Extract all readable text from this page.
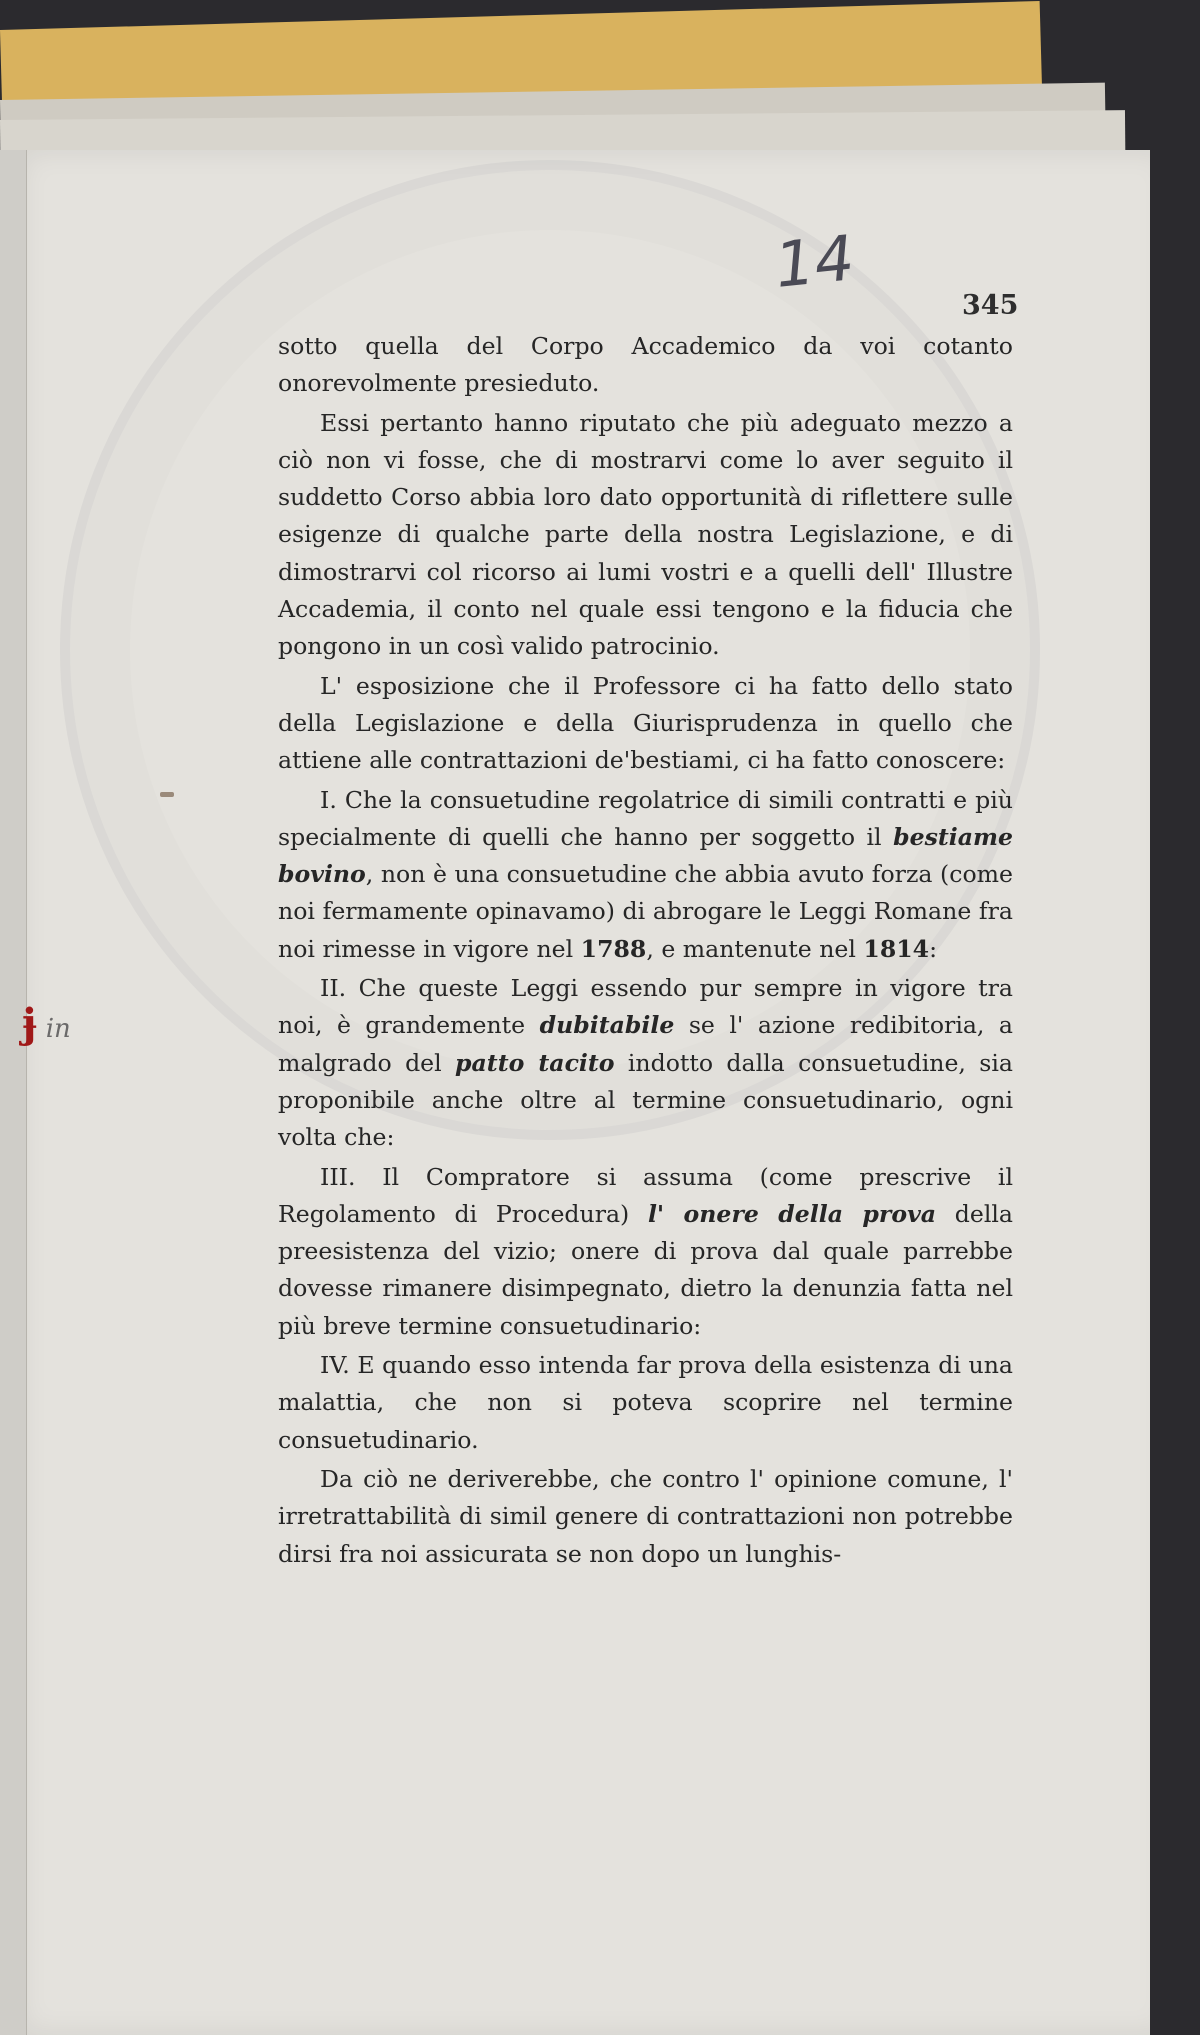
14
345
ɉ in

sotto quella del Corpo Accademico da voi cotanto onorevolmente presieduto.

Essi pertanto hanno riputato che più adeguato mezzo a ciò non vi fosse, che di mostrarvi come lo aver seguito il suddetto Corso abbia loro dato opportunità di riflettere sulle esigenze di qualche parte della nostra Legislazione, e di dimostrarvi col ricorso ai lumi vostri e a quelli dell' Illustre Accademia, il conto nel quale essi tengono e la fiducia che pongono in un così valido patrocinio.

L' esposizione che il Professore ci ha fatto dello stato della Legislazione e della Giurisprudenza in quello che attiene alle contrattazioni de'bestiami, ci ha fatto conoscere:

I. Che la consuetudine regolatrice di simili contratti e più specialmente di quelli che hanno per soggetto il bestiame bovino, non è una consuetudine che abbia avuto forza (come noi fermamente opinavamo) di abrogare le Leggi Romane fra noi rimesse in vigore nel 1788, e mantenute nel 1814:

II. Che queste Leggi essendo pur sempre in vigore tra noi, è grandemente dubitabile se l' azione redibitoria, a malgrado del patto tacito indotto dalla consuetudine, sia proponibile anche oltre al termine consuetudinario, ogni volta che:

III. Il Compratore si assuma (come prescrive il Regolamento di Procedura) l' onere della prova della preesistenza del vizio; onere di prova dal quale parrebbe dovesse rimanere disimpegnato, dietro la denunzia fatta nel più breve termine consuetudinario:

IV. E quando esso intenda far prova della esistenza di una malattia, che non si poteva scoprire nel termine consuetudinario.

Da ciò ne deriverebbe, che contro l' opinione comune, l' irretrattabilità di simil genere di contrattazioni non potrebbe dirsi fra noi assicurata se non dopo un lunghis-
